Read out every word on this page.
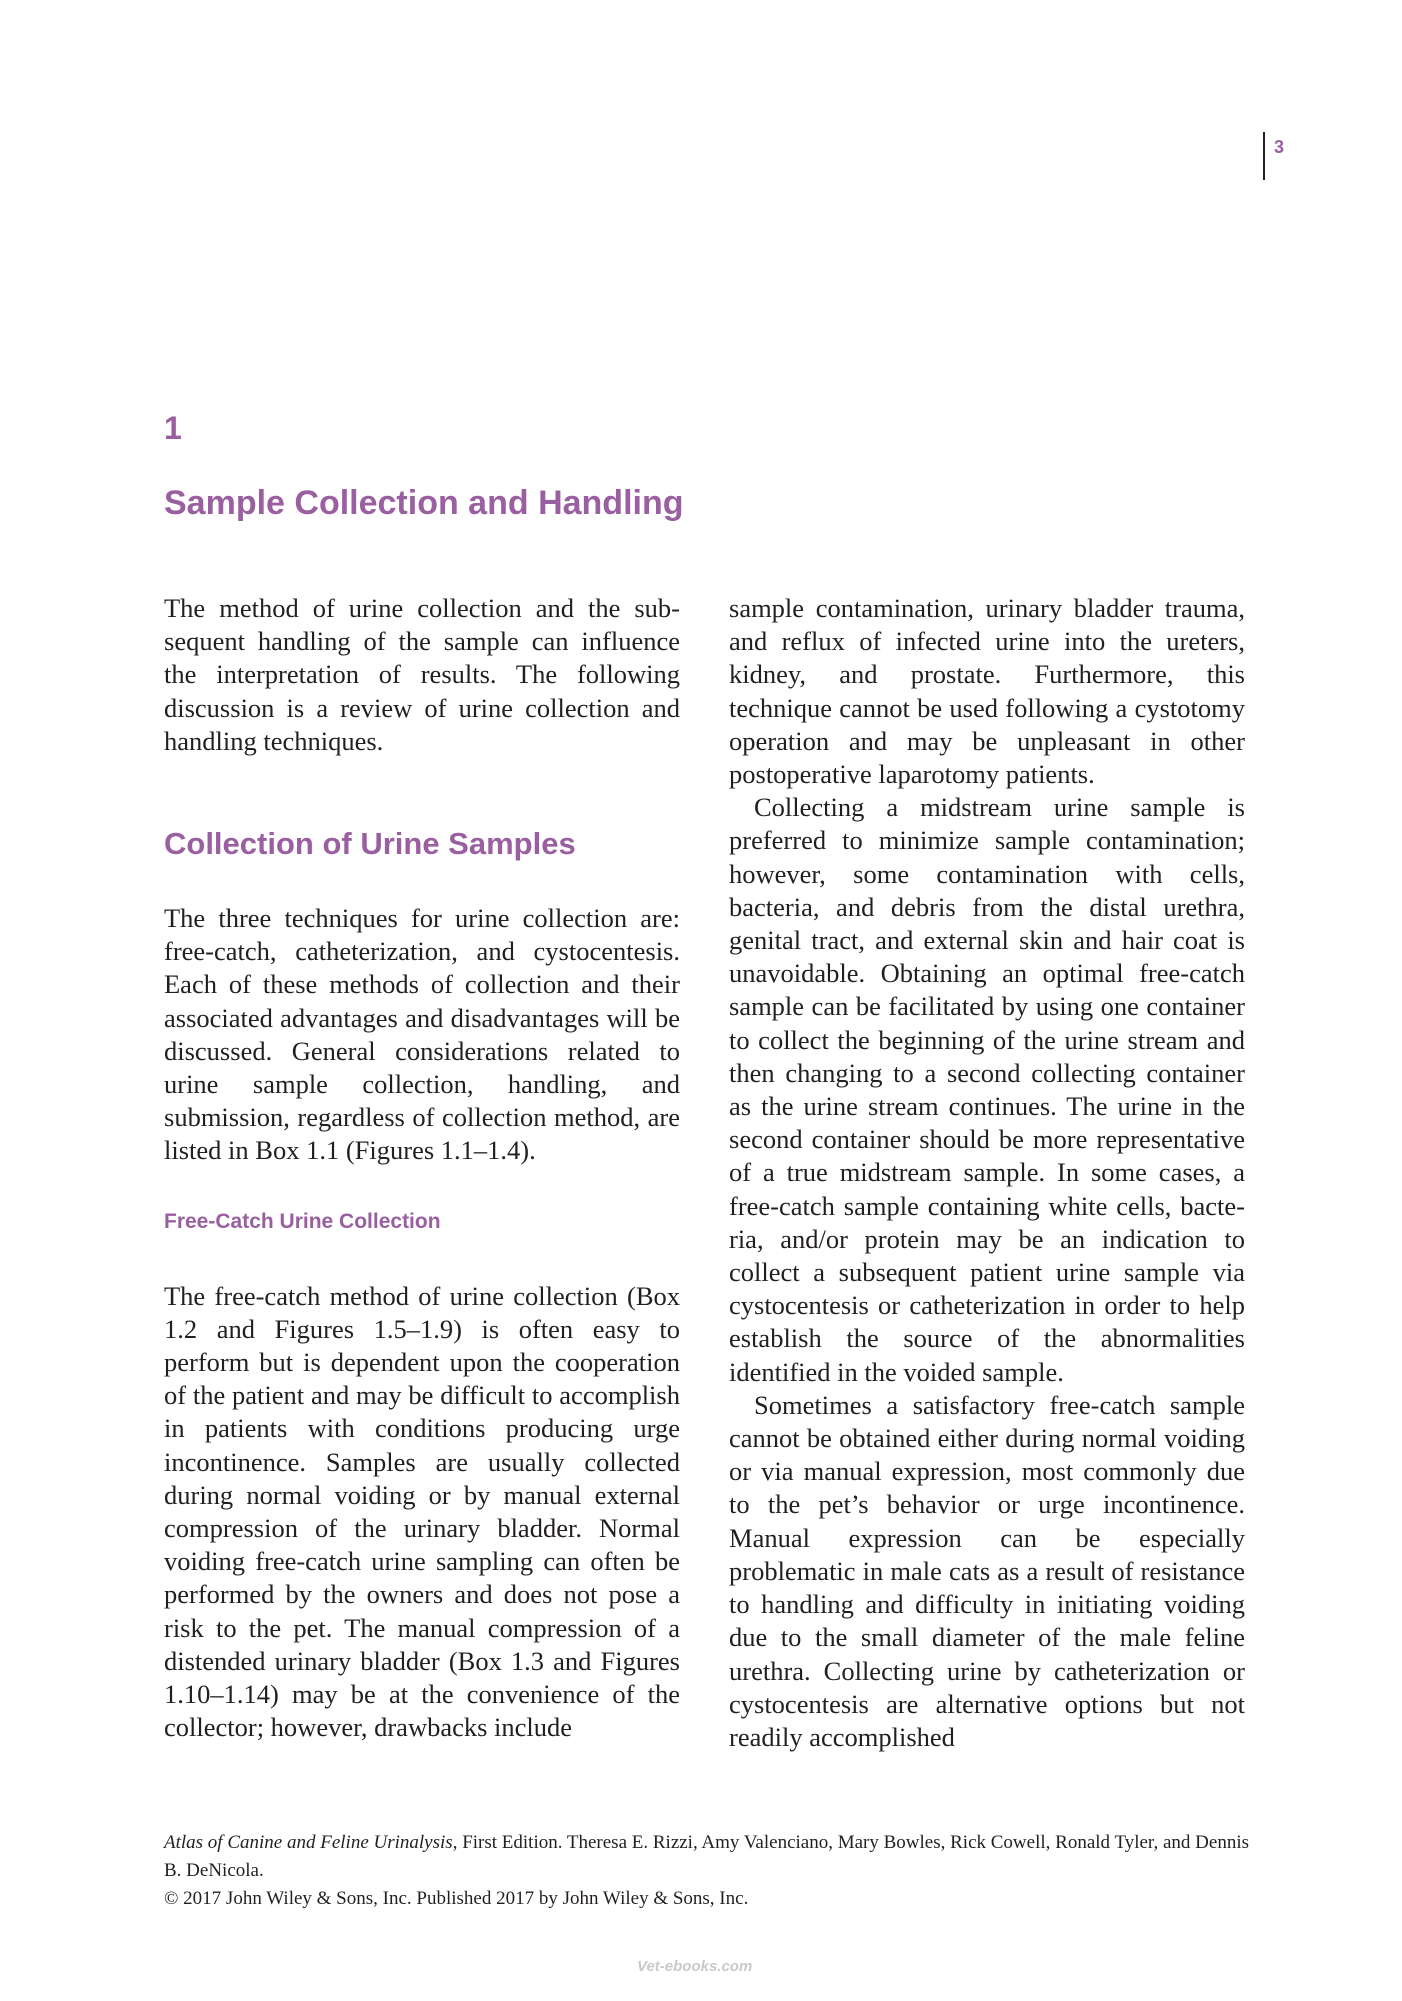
3
1
Sample Collection and Handling

The method of urine collection and the subsequent handling of the sample can influence the interpretation of results. The following discussion is a review of urine collection and handling techniques.

Collection of Urine Samples

The three techniques for urine collection are: free-catch, catheterization, and cystocentesis. Each of these methods of collection and their associated advantages and disadvantages will be discussed. General considerations related to urine sample collection, handling, and submission, regardless of collection method, are listed in Box 1.1 (Figures 1.1–1.4).

Free-Catch Urine Collection

The free-catch method of urine collection (Box 1.2 and Figures 1.5–1.9) is often easy to perform but is dependent upon the cooperation of the patient and may be difficult to accomplish in patients with conditions producing urge incontinence. Samples are usually collected during normal voiding or by manual external compression of the urinary bladder. Normal voiding free-catch urine sampling can often be performed by the owners and does not pose a risk to the pet. The manual compression of a distended urinary bladder (Box 1.3 and Figures 1.10–1.14) may be at the convenience of the collector; however, drawbacks include

sample contamination, urinary bladder trauma, and reflux of infected urine into the ureters, kidney, and prostate. Furthermore, this technique cannot be used following a cystotomy operation and may be unpleasant in other postoperative laparotomy patients.

Collecting a midstream urine sample is preferred to minimize sample contamination; however, some contamination with cells, bacteria, and debris from the distal urethra, genital tract, and external skin and hair coat is unavoidable. Obtaining an optimal free-catch sample can be facilitated by using one container to collect the beginning of the urine stream and then changing to a second collecting container as the urine stream continues. The urine in the second container should be more representative of a true midstream sample. In some cases, a free-catch sample containing white cells, bacteria, and/or protein may be an indication to collect a subsequent patient urine sample via cystocentesis or catheterization in order to help establish the source of the abnormalities identified in the voided sample.

Sometimes a satisfactory free-catch sample cannot be obtained either during normal voiding or via manual expression, most commonly due to the pet’s behavior or urge incontinence. Manual expression can be especially problematic in male cats as a result of resistance to handling and difficulty in initiating voiding due to the small diameter of the male feline urethra. Collecting urine by catheterization or cystocentesis are alternative options but not readily accomplished

Atlas of Canine and Feline Urinalysis, First Edition. Theresa E. Rizzi, Amy Valenciano, Mary Bowles, Rick Cowell, Ronald Tyler, and Dennis B. DeNicola.

© 2017 John Wiley & Sons, Inc. Published 2017 by John Wiley & Sons, Inc.

Vet-ebooks.com
